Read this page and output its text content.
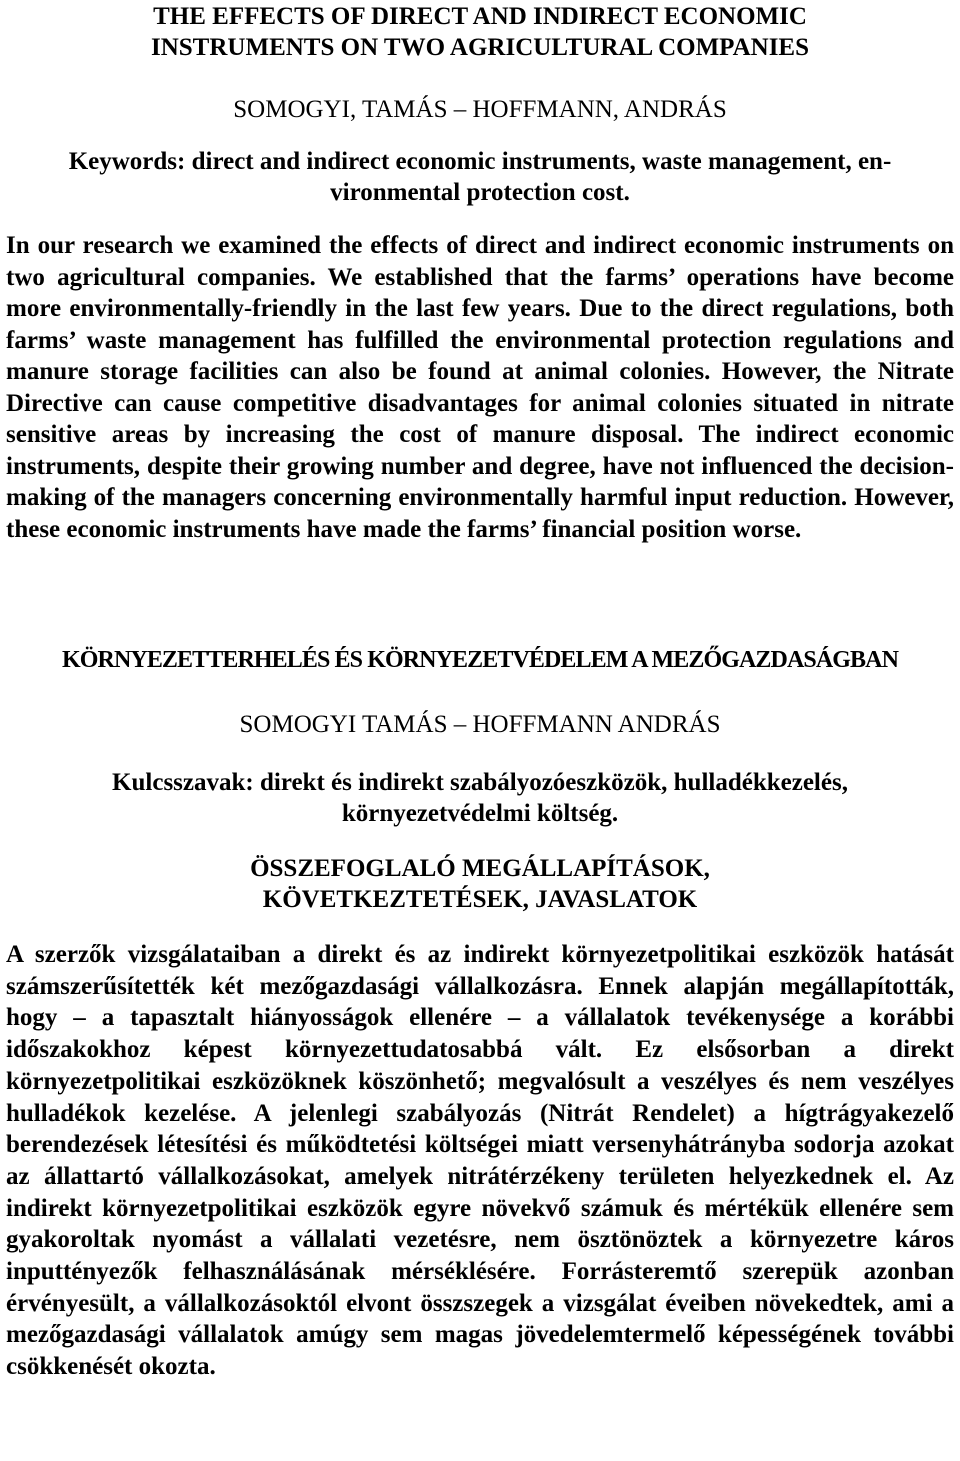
THE EFFECTS OF DIRECT AND INDIRECT ECONOMIC
INSTRUMENTS ON TWO AGRICULTURAL COMPANIES

SOMOGYI, TAMÁS – HOFFMANN, ANDRÁS

Keywords: direct and indirect economic instruments, waste management, en-
vironmental protection cost.

In our research we examined the effects of direct and indirect economic instruments on two agricultural companies. We established that the farms’ operations have become more environmentally-friendly in the last few years. Due to the direct regulations, both farms’ waste management has fulfilled the environmental protection regulations and manure storage facilities can also be found at animal colonies. However, the Nitrate Directive can cause competitive disadvantages for animal colonies situated in nitrate sensitive areas by increasing the cost of manure disposal. The indirect economic instruments, despite their growing number and degree, have not influenced the decision-making of the managers concerning environmentally harmful input reduction. However, these economic instruments have made the farms’ financial position worse.

KÖRNYEZETTERHELÉS ÉS KÖRNYEZETVÉDELEM A MEZŐGAZDASÁGBAN

SOMOGYI TAMÁS – HOFFMANN ANDRÁS

Kulcsszavak: direkt és indirekt szabályozóeszközök, hulladékkezelés,
környezetvédelmi költség.

ÖSSZEFOGLALÓ MEGÁLLAPÍTÁSOK,
KÖVETKEZTETÉSEK, JAVASLATOK

A szerzők vizsgálataiban a direkt és az indirekt környezetpolitikai eszközök hatását számszerűsítették két mezőgazdasági vállalkozásra. Ennek alapján megállapították, hogy – a tapasztalt hiányosságok ellenére – a vállalatok tevékenysége a korábbi időszakokhoz képest környezettudatosabbá vált. Ez elsősorban a direkt környezetpolitikai eszközöknek köszönhető; megvalósult a veszélyes és nem veszélyes hulladékok kezelése. A jelenlegi szabályozás (Nitrát Rendelet) a hígtrágyakezelő berendezések létesítési és működtetési költségei miatt versenyhátrányba sodorja azokat az állattartó vállalkozásokat, amelyek nitrátérzékeny területen helyezkednek el. Az indirekt környezetpolitikai eszközök egyre növekvő számuk és mértékük ellenére sem gyakoroltak nyomást a vállalati vezetésre, nem ösztönöztek a környezetre káros inputtényezők felhasználásának mérséklésére. Forrásteremtő szerepük azonban érvényesült, a vállalkozásoktól elvont összszegek a vizsgálat éveiben növekedtek, ami a mezőgazdasági vállalatok amúgy sem magas jövedelemtermelő képességének további csökkenését okozta.
